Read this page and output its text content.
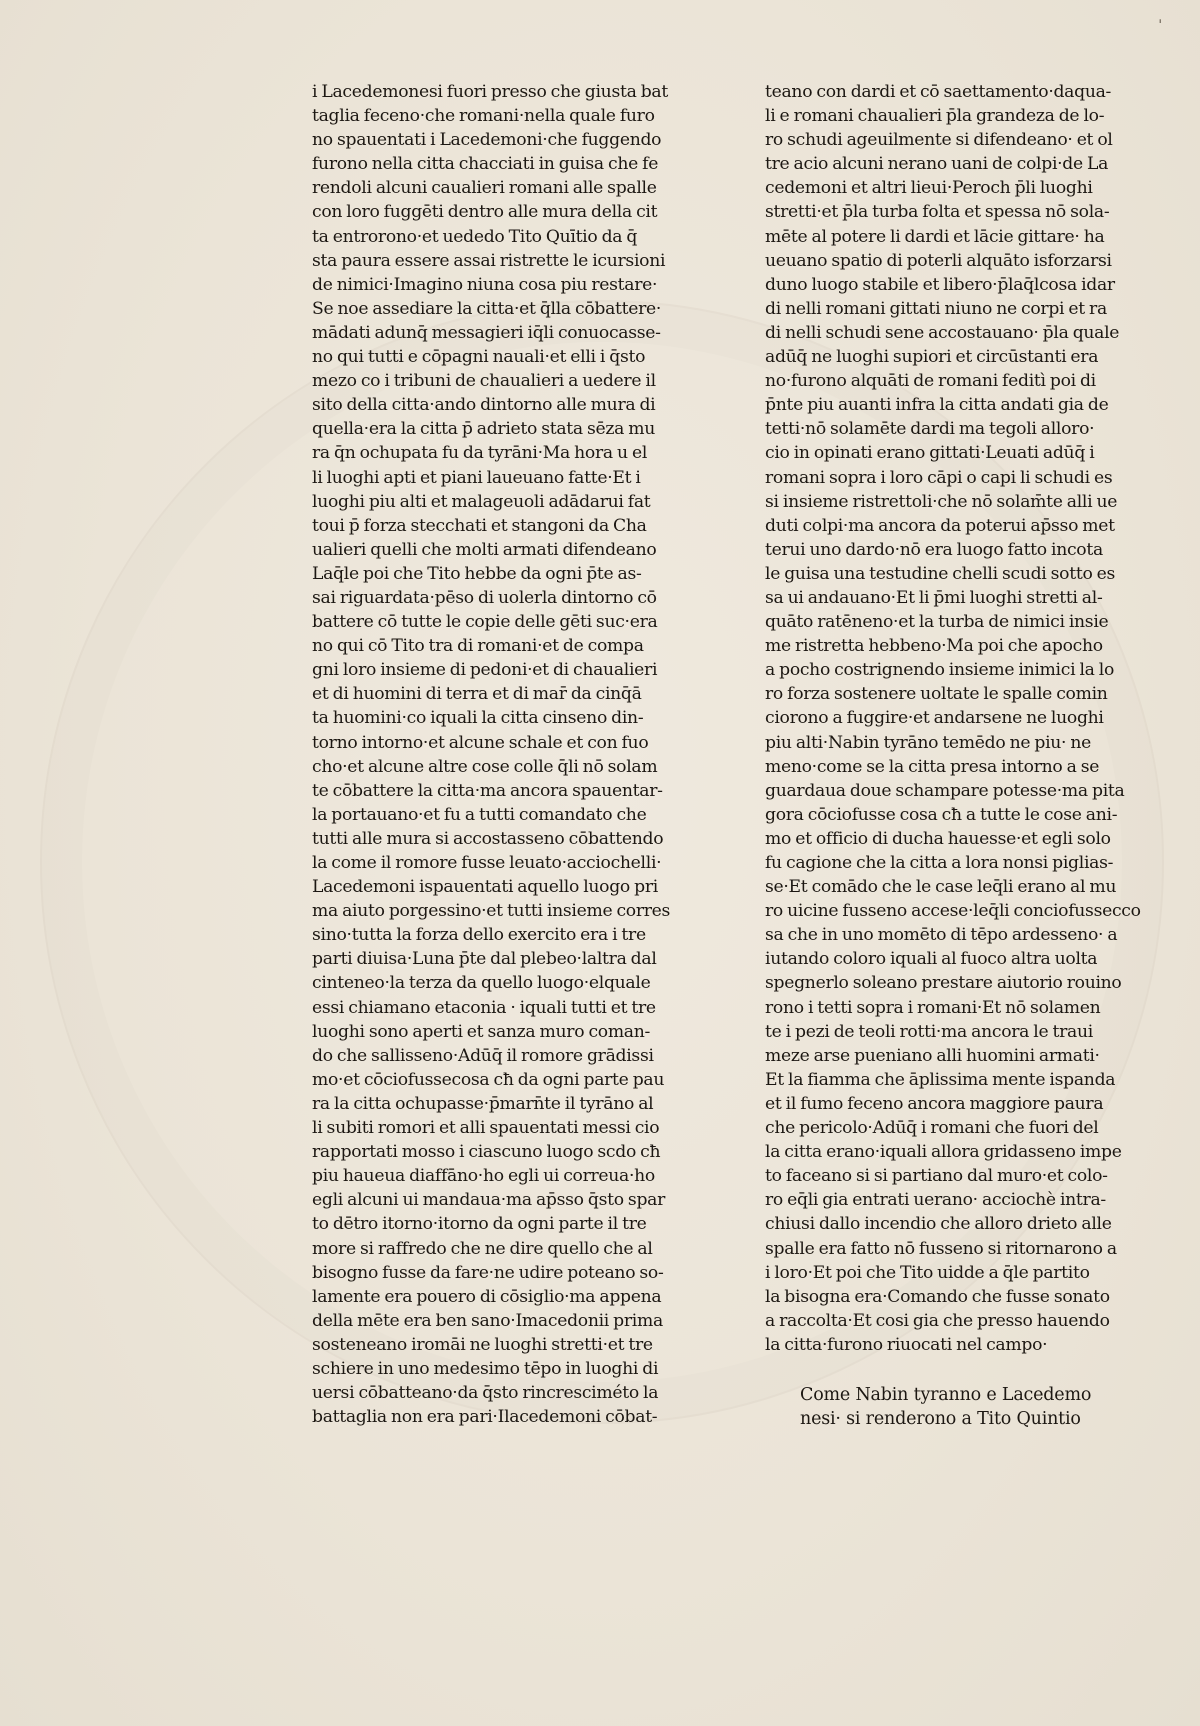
i Lacedemonesi fuori presso che giusta bat
taglia feceno·che romani·nella quale furo
no spauentati i Lacedemoni·che fuggendo
furono nella citta chacciati in guisa che fe
rendoli alcuni caualieri romani alle spalle
con loro fuggēti dentro alle mura della cit
ta entrorono·et uededo Tito Quītio da q̄
sta paura essere assai ristrette le icursioni
de nimici·Imagino niuna cosa piu restare·
Se noe assediare la citta·et q̄lla cōbattere·
mādati adunq̄ messagieri iq̄li conuocasse-
no qui tutti e cōpagni nauali·et elli i q̄sto
mezo co i tribuni de chaualieri a uedere il
sito della citta·ando dintorno alle mura di
quella·era la citta p̄ adrieto stata sēza mu
ra q̄n ochupata fu da tyrāni·Ma hora u el
li luoghi apti et piani laueuano fatte·Et i
luoghi piu alti et malageuoli adādarui fat
toui p̄ forza stecchati et stangoni da Cha
ualieri quelli che molti armati difendeano
Laq̄le poi che Tito hebbe da ogni p̄te as-
sai riguardata·pēso di uolerla dintorno cō
battere cō tutte le copie delle gēti suc·era
no qui cō Tito tra di romani·et de compa
gni loro insieme di pedoni·et di chaualieri
et di huomini di terra et di mar̄ da cinq̄ā
ta huomini·co iquali la citta cinseno din-
torno intorno·et alcune schale et con fuo
cho·et alcune altre cose colle q̄li nō solam
te cōbattere la citta·ma ancora spauentar-
la portauano·et fu a tutti comandato che
tutti alle mura si accostasseno cōbattendo
la come il romore fusse leuato·acciochelli·
Lacedemoni ispauentati aquello luogo pri
ma aiuto porgessino·et tutti insieme corres
sino·tutta la forza dello exercito era i tre
parti diuisa·Luna p̄te dal plebeo·laltra dal
cinteneo·la terza da quello luogo·elquale
essi chiamano etaconia · iquali tutti et tre
luoghi sono aperti et sanza muro coman-
do che sallisseno·Adūq̄ il romore grādissi
mo·et cōciofussecosa cħ da ogni parte pau
ra la citta ochupasse·p̄marn̄te il tyrāno al
li subiti romori et alli spauentati messi cio
rapportati mosso i ciascuno luogo scdo cħ
piu haueua diaffāno·ho egli ui correua·ho
egli alcuni ui mandaua·ma ap̄sso q̄sto spar
to dētro itorno·itorno da ogni parte il tre
more si raffredo che ne dire quello che al
bisogno fusse da fare·ne udire poteano so-
lamente era pouero di cōsiglio·ma appena
della mēte era ben sano·Imacedonii prima
sosteneano iromāi ne luoghi stretti·et tre
schiere in uno medesimo tēpo in luoghi di
uersi cōbatteano·da q̄sto rincresciméto la
battaglia non era pari·Ilacedemoni cōbat-
teano con dardi et cō saettamento·daqua-
li e romani chaualieri p̄la grandeza de lo-
ro schudi ageuilmente si difendeano· et ol
tre acio alcuni nerano uani de colpi·de La
cedemoni et altri lieui·Peroch p̄li luoghi
stretti·et p̄la turba folta et spessa nō sola-
mēte al potere li dardi et lācie gittare· ha
ueuano spatio di poterli alquāto isforzarsi
duno luogo stabile et libero·p̄laq̄lcosa idar
di nelli romani gittati niuno ne corpi et ra
di nelli schudi sene accostauano· p̄la quale
adūq̄ ne luoghi supiori et circūstanti era
no·furono alquāti de romani feditì poi di
p̄nte piu auanti infra la citta andati gia de
tetti·nō solamēte dardi ma tegoli alloro·
cio in opinati erano gittati·Leuati adūq̄ i
romani sopra i loro cāpi o capi li schudi es
si insieme ristrettoli·che nō solam̄te alli ue
duti colpi·ma ancora da poterui ap̄sso met
terui uno dardo·nō era luogo fatto incota
le guisa una testudine chelli scudi sotto es
sa ui andauano·Et li p̄mi luoghi stretti al-
quāto ratēneno·et la turba de nimici insie
me ristretta hebbeno·Ma poi che apocho
a pocho costrignendo insieme inimici la lo
ro forza sostenere uoltate le spalle comin
ciorono a fuggire·et andarsene ne luoghi
piu alti·Nabin tyrāno temēdo ne piu· ne
meno·come se la citta presa intorno a se
guardaua doue schampare potesse·ma pita
gora cōciofusse cosa cħ a tutte le cose ani-
mo et officio di ducha hauesse·et egli solo
fu cagione che la citta a lora nonsi piglias-
se·Et comādo che le case leq̄li erano al mu
ro uicine fusseno accese·leq̄li conciofussecco
sa che in uno momēto di tēpo ardesseno· a
iutando coloro iquali al fuoco altra uolta
spegnerlo soleano prestare aiutorio rouino
rono i tetti sopra i romani·Et nō solamen
te i pezi de teoli rotti·ma ancora le traui
meze arse pueniano alli huomini armati·
Et la fiamma che āplissima mente ispanda
et il fumo feceno ancora maggiore paura
che pericolo·Adūq̄ i romani che fuori del
la citta erano·iquali allora gridasseno impe
to faceano si si partiano dal muro·et colo-
ro eq̄li gia entrati uerano· acciochè intra-
chiusi dallo incendio che alloro drieto alle
spalle era fatto nō fusseno si ritornarono a
i loro·Et poi che Tito uidde a q̄le partito
la bisogna era·Comando che fusse sonato
a raccolta·Et cosi gia che presso hauendo
la citta·furono riuocati nel campo·
Come Nabin tyranno e Lacedemo
nesi· si renderono a Tito Quintio
ˌ
